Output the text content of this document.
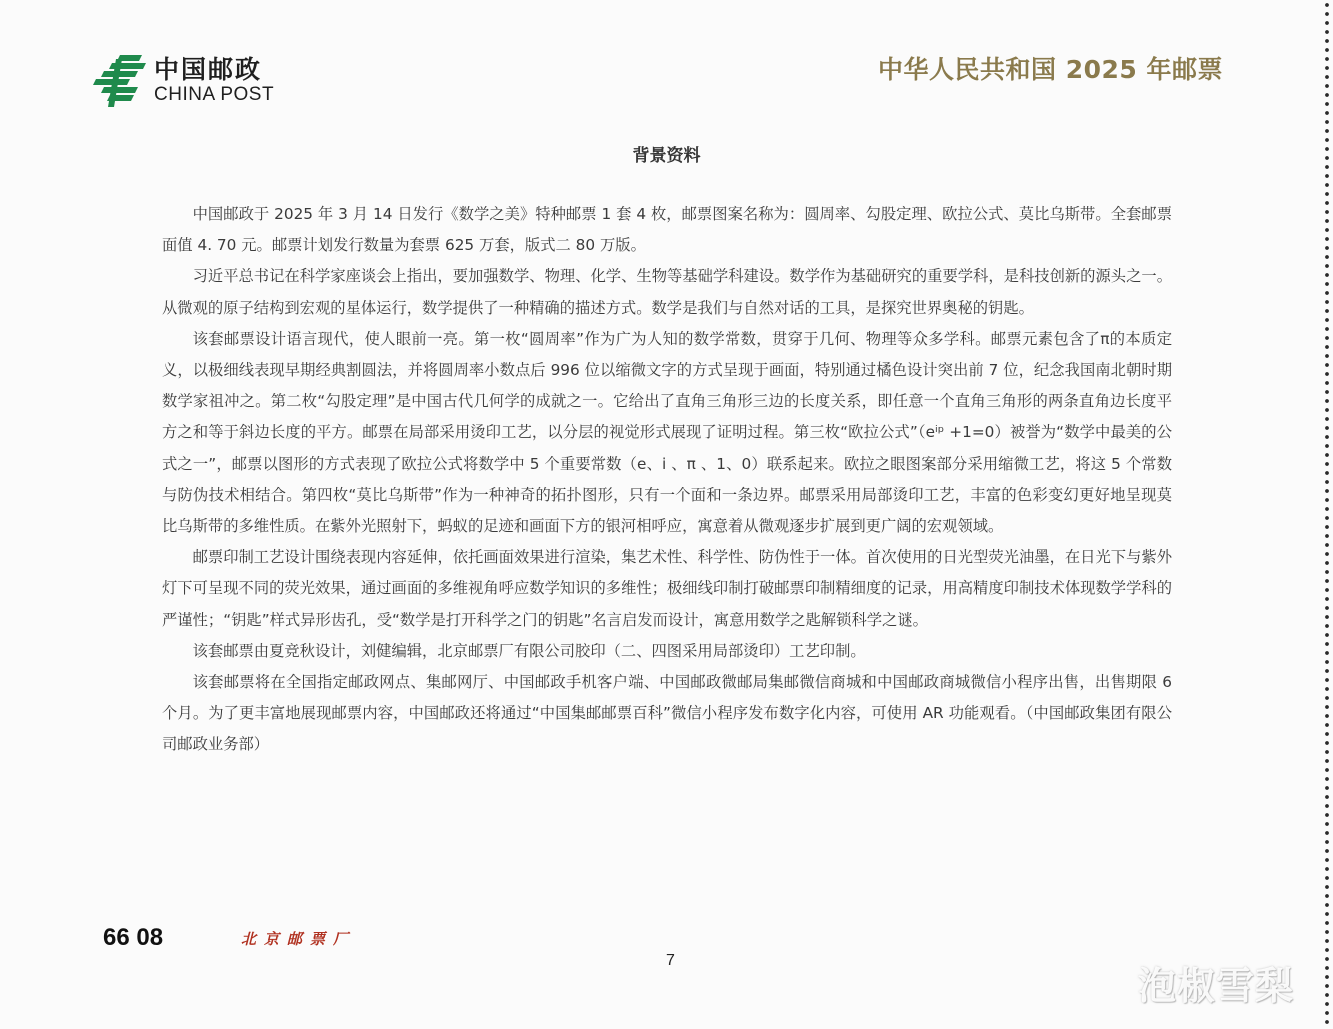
中国邮政
CHINA POST
中华人民共和国 2025 年邮票
背景资料

中国邮政于 2025 年 3 月 14 日发行《数学之美》特种邮票 1 套 4 枚，邮票图案名称为：圆周率、勾股定理、欧拉公式、莫比乌斯带。全套邮票面值 4. 70 元。邮票计划发行数量为套票 625 万套，版式二 80 万版。

习近平总书记在科学家座谈会上指出，要加强数学、物理、化学、生物等基础学科建设。数学作为基础研究的重要学科，是科技创新的源头之一。从微观的原子结构到宏观的星体运行，数学提供了一种精确的描述方式。数学是我们与自然对话的工具，是探究世界奥秘的钥匙。

该套邮票设计语言现代，使人眼前一亮。第一枚“圆周率”作为广为人知的数学常数，贯穿于几何、物理等众多学科。邮票元素包含了π的本质定义，以极细线表现早期经典割圆法，并将圆周率小数点后 996 位以缩微文字的方式呈现于画面，特别通过橘色设计突出前 7 位，纪念我国南北朝时期数学家祖冲之。第二枚“勾股定理”是中国古代几何学的成就之一。它给出了直角三角形三边的长度关系，即任意一个直角三角形的两条直角边长度平方之和等于斜边长度的平方。邮票在局部采用烫印工艺，以分层的视觉形式展现了证明过程。第三枚“欧拉公式”（eⁱᵖ +1=0）被誉为“数学中最美的公式之一”，邮票以图形的方式表现了欧拉公式将数学中 5 个重要常数（e、i 、π 、1、0）联系起来。欧拉之眼图案部分采用缩微工艺，将这 5 个常数与防伪技术相结合。第四枚“莫比乌斯带”作为一种神奇的拓扑图形，只有一个面和一条边界。邮票采用局部烫印工艺，丰富的色彩变幻更好地呈现莫比乌斯带的多维性质。在紫外光照射下，蚂蚁的足迹和画面下方的银河相呼应，寓意着从微观逐步扩展到更广阔的宏观领域。

邮票印制工艺设计围绕表现内容延伸，依托画面效果进行渲染，集艺术性、科学性、防伪性于一体。首次使用的日光型荧光油墨，在日光下与紫外灯下可呈现不同的荧光效果，通过画面的多维视角呼应数学知识的多维性；极细线印制打破邮票印制精细度的记录，用高精度印制技术体现数学学科的严谨性；“钥匙”样式异形齿孔，受“数学是打开科学之门的钥匙”名言启发而设计，寓意用数学之匙解锁科学之谜。

该套邮票由夏竞秋设计，刘健编辑，北京邮票厂有限公司胶印（二、四图采用局部烫印）工艺印制。

该套邮票将在全国指定邮政网点、集邮网厅、中国邮政手机客户端、中国邮政微邮局集邮微信商城和中国邮政商城微信小程序出售，出售期限 6 个月。为了更丰富地展现邮票内容，中国邮政还将通过“中国集邮邮票百科”微信小程序发布数字化内容，可使用 AR 功能观看。（中国邮政集团有限公司邮政业务部）

66 08	北京邮票厂
7
泡椒雪梨
